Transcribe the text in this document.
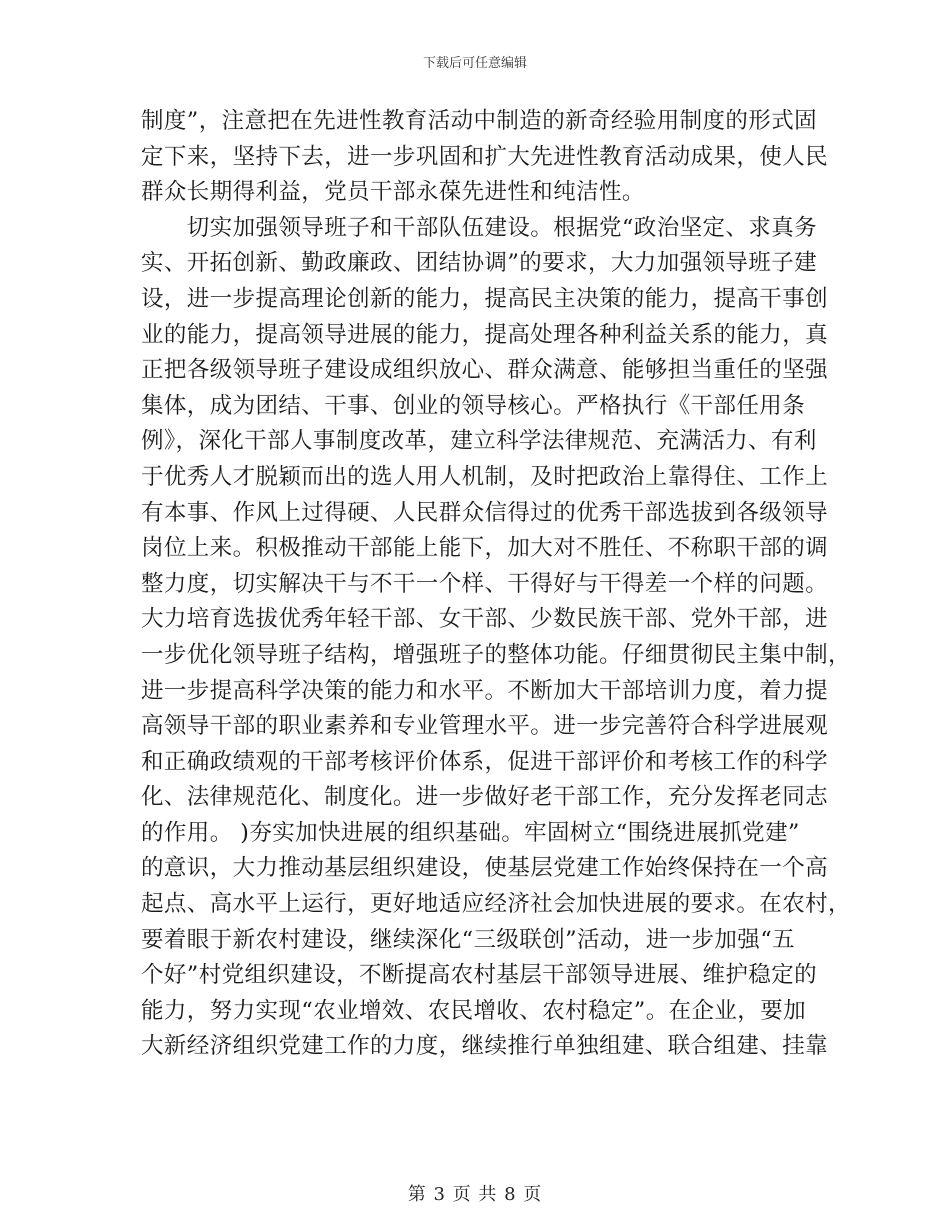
下载后可任意编辑
制度”，注意把在先进性教育活动中制造的新奇经验用制度的形式固
定下来，坚持下去，进一步巩固和扩大先进性教育活动成果，使人民
群众长期得利益，党员干部永葆先进性和纯洁性。
　　切实加强领导班子和干部队伍建设。根据党“政治坚定、求真务
实、开拓创新、勤政廉政、团结协调”的要求，大力加强领导班子建
设，进一步提高理论创新的能力，提高民主决策的能力，提高干事创
业的能力，提高领导进展的能力，提高处理各种利益关系的能力，真
正把各级领导班子建设成组织放心、群众满意、能够担当重任的坚强
集体，成为团结、干事、创业的领导核心。严格执行《干部任用条
例》，深化干部人事制度改革，建立科学法律规范、充满活力、有利
于优秀人才脱颖而出的选人用人机制，及时把政治上靠得住、工作上
有本事、作风上过得硬、人民群众信得过的优秀干部选拔到各级领导
岗位上来。积极推动干部能上能下，加大对不胜任、不称职干部的调
整力度，切实解决干与不干一个样、干得好与干得差一个样的问题。
大力培育选拔优秀年轻干部、女干部、少数民族干部、党外干部，进
一步优化领导班子结构，增强班子的整体功能。仔细贯彻民主集中制，
进一步提高科学决策的能力和水平。不断加大干部培训力度，着力提
高领导干部的职业素养和专业管理水平。进一步完善符合科学进展观
和正确政绩观的干部考核评价体系，促进干部评价和考核工作的科学
化、法律规范化、制度化。进一步做好老干部工作，充分发挥老同志
的作用。 )夯实加快进展的组织基础。牢固树立“围绕进展抓党建”
的意识，大力推动基层组织建设，使基层党建工作始终保持在一个高
起点、高水平上运行，更好地适应经济社会加快进展的要求。在农村，
要着眼于新农村建设，继续深化“三级联创”活动，进一步加强“五
个好”村党组织建设，不断提高农村基层干部领导进展、维护稳定的
能力，努力实现“农业增效、农民增收、农村稳定”。在企业，要加
大新经济组织党建工作的力度，继续推行单独组建、联合组建、挂靠
第 3 页 共 8 页
